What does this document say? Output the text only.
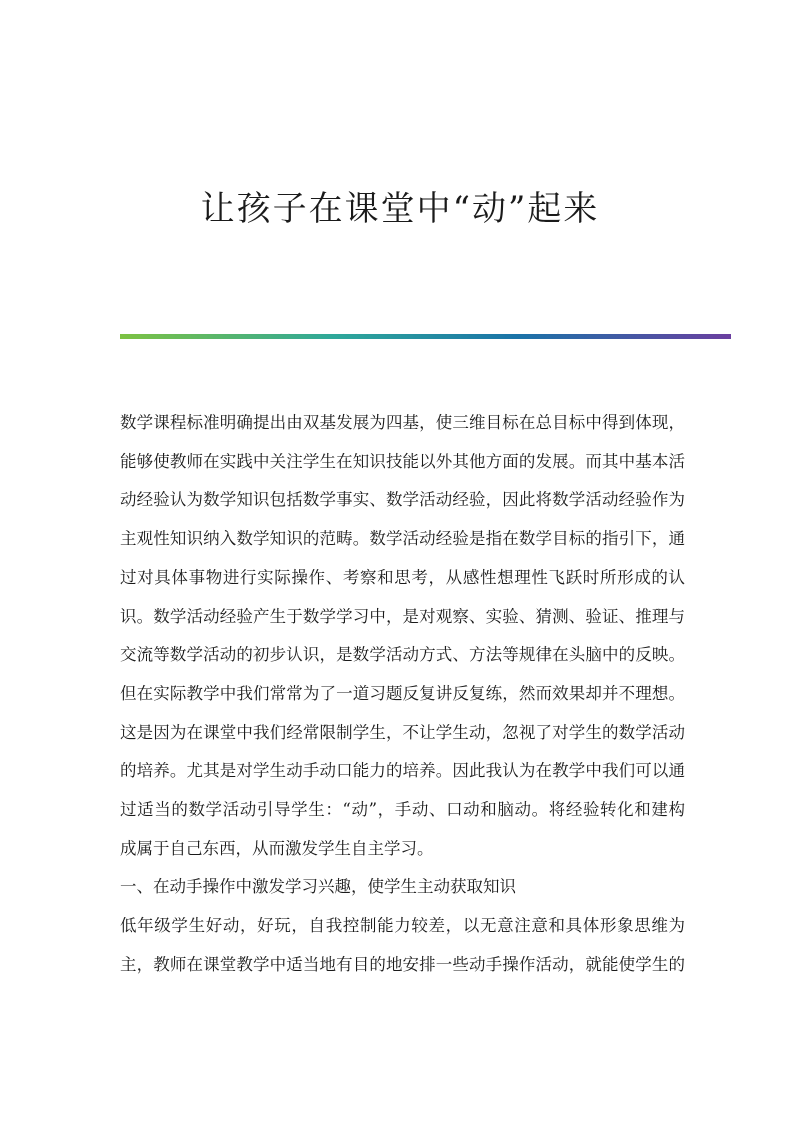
让孩子在课堂中“动”起来
数学课程标准明确提出由双基发展为四基，使三维目标在总目标中得到体现，
能够使教师在实践中关注学生在知识技能以外其他方面的发展。而其中基本活
动经验认为数学知识包括数学事实、数学活动经验，因此将数学活动经验作为
主观性知识纳入数学知识的范畴。数学活动经验是指在数学目标的指引下，通
过对具体事物进行实际操作、考察和思考，从感性想理性飞跃时所形成的认
识。数学活动经验产生于数学学习中，是对观察、实验、猜测、验证、推理与
交流等数学活动的初步认识，是数学活动方式、方法等规律在头脑中的反映。
但在实际教学中我们常常为了一道习题反复讲反复练，然而效果却并不理想。
这是因为在课堂中我们经常限制学生，不让学生动，忽视了对学生的数学活动
的培养。尤其是对学生动手动口能力的培养。因此我认为在教学中我们可以通
过适当的数学活动引导学生：“动”，手动、口动和脑动。将经验转化和建构
成属于自己东西，从而激发学生自主学习。
一、在动手操作中激发学习兴趣，使学生主动获取知识
低年级学生好动，好玩，自我控制能力较差，以无意注意和具体形象思维为
主，教师在课堂教学中适当地有目的地安排一些动手操作活动，就能使学生的
